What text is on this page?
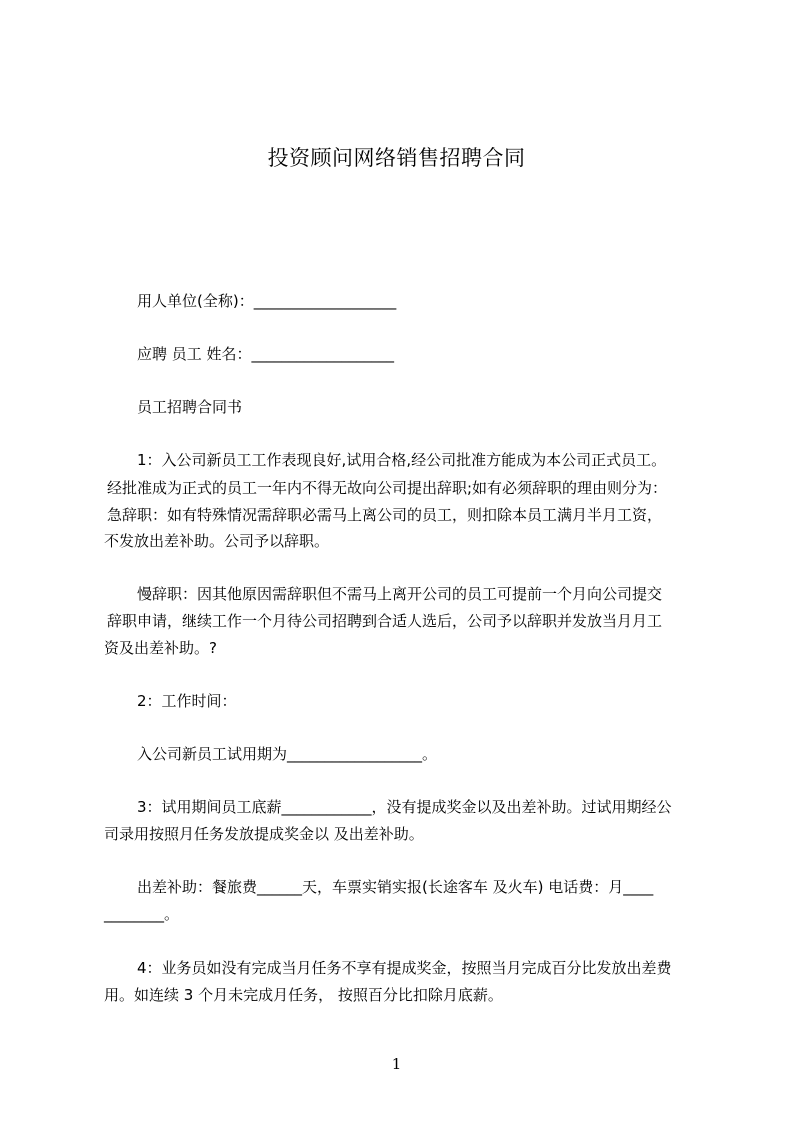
投资顾问网络销售招聘合同
用人单位(全称)：___________________
应聘 员工 姓名：___________________
员工招聘合同书
1：入公司新员工工作表现良好,试用合格,经公司批准方能成为本公司正式员工。
经批准成为正式的员工一年内不得无故向公司提出辞职;如有必须辞职的理由则分为：
急辞职：如有特殊情况需辞职必需马上离公司的员工，则扣除本员工满月半月工资，
不发放出差补助。公司予以辞职。
慢辞职：因其他原因需辞职但不需马上离开公司的员工可提前一个月向公司提交
辞职申请，继续工作一个月待公司招聘到合适人选后，公司予以辞职并发放当月月工
资及出差补助。?
2：工作时间：
入公司新员工试用期为__________________。
3：试用期间员工底薪____________，没有提成奖金以及出差补助。过试用期经公
司录用按照月任务发放提成奖金以 及出差补助。
出差补助：餐旅费______天，车票实销实报(长途客车 及火车) 电话费：月____
________。
4：业务员如没有完成当月任务不享有提成奖金，按照当月完成百分比发放出差费
用。如连续 3 个月未完成月任务， 按照百分比扣除月底薪。
1
